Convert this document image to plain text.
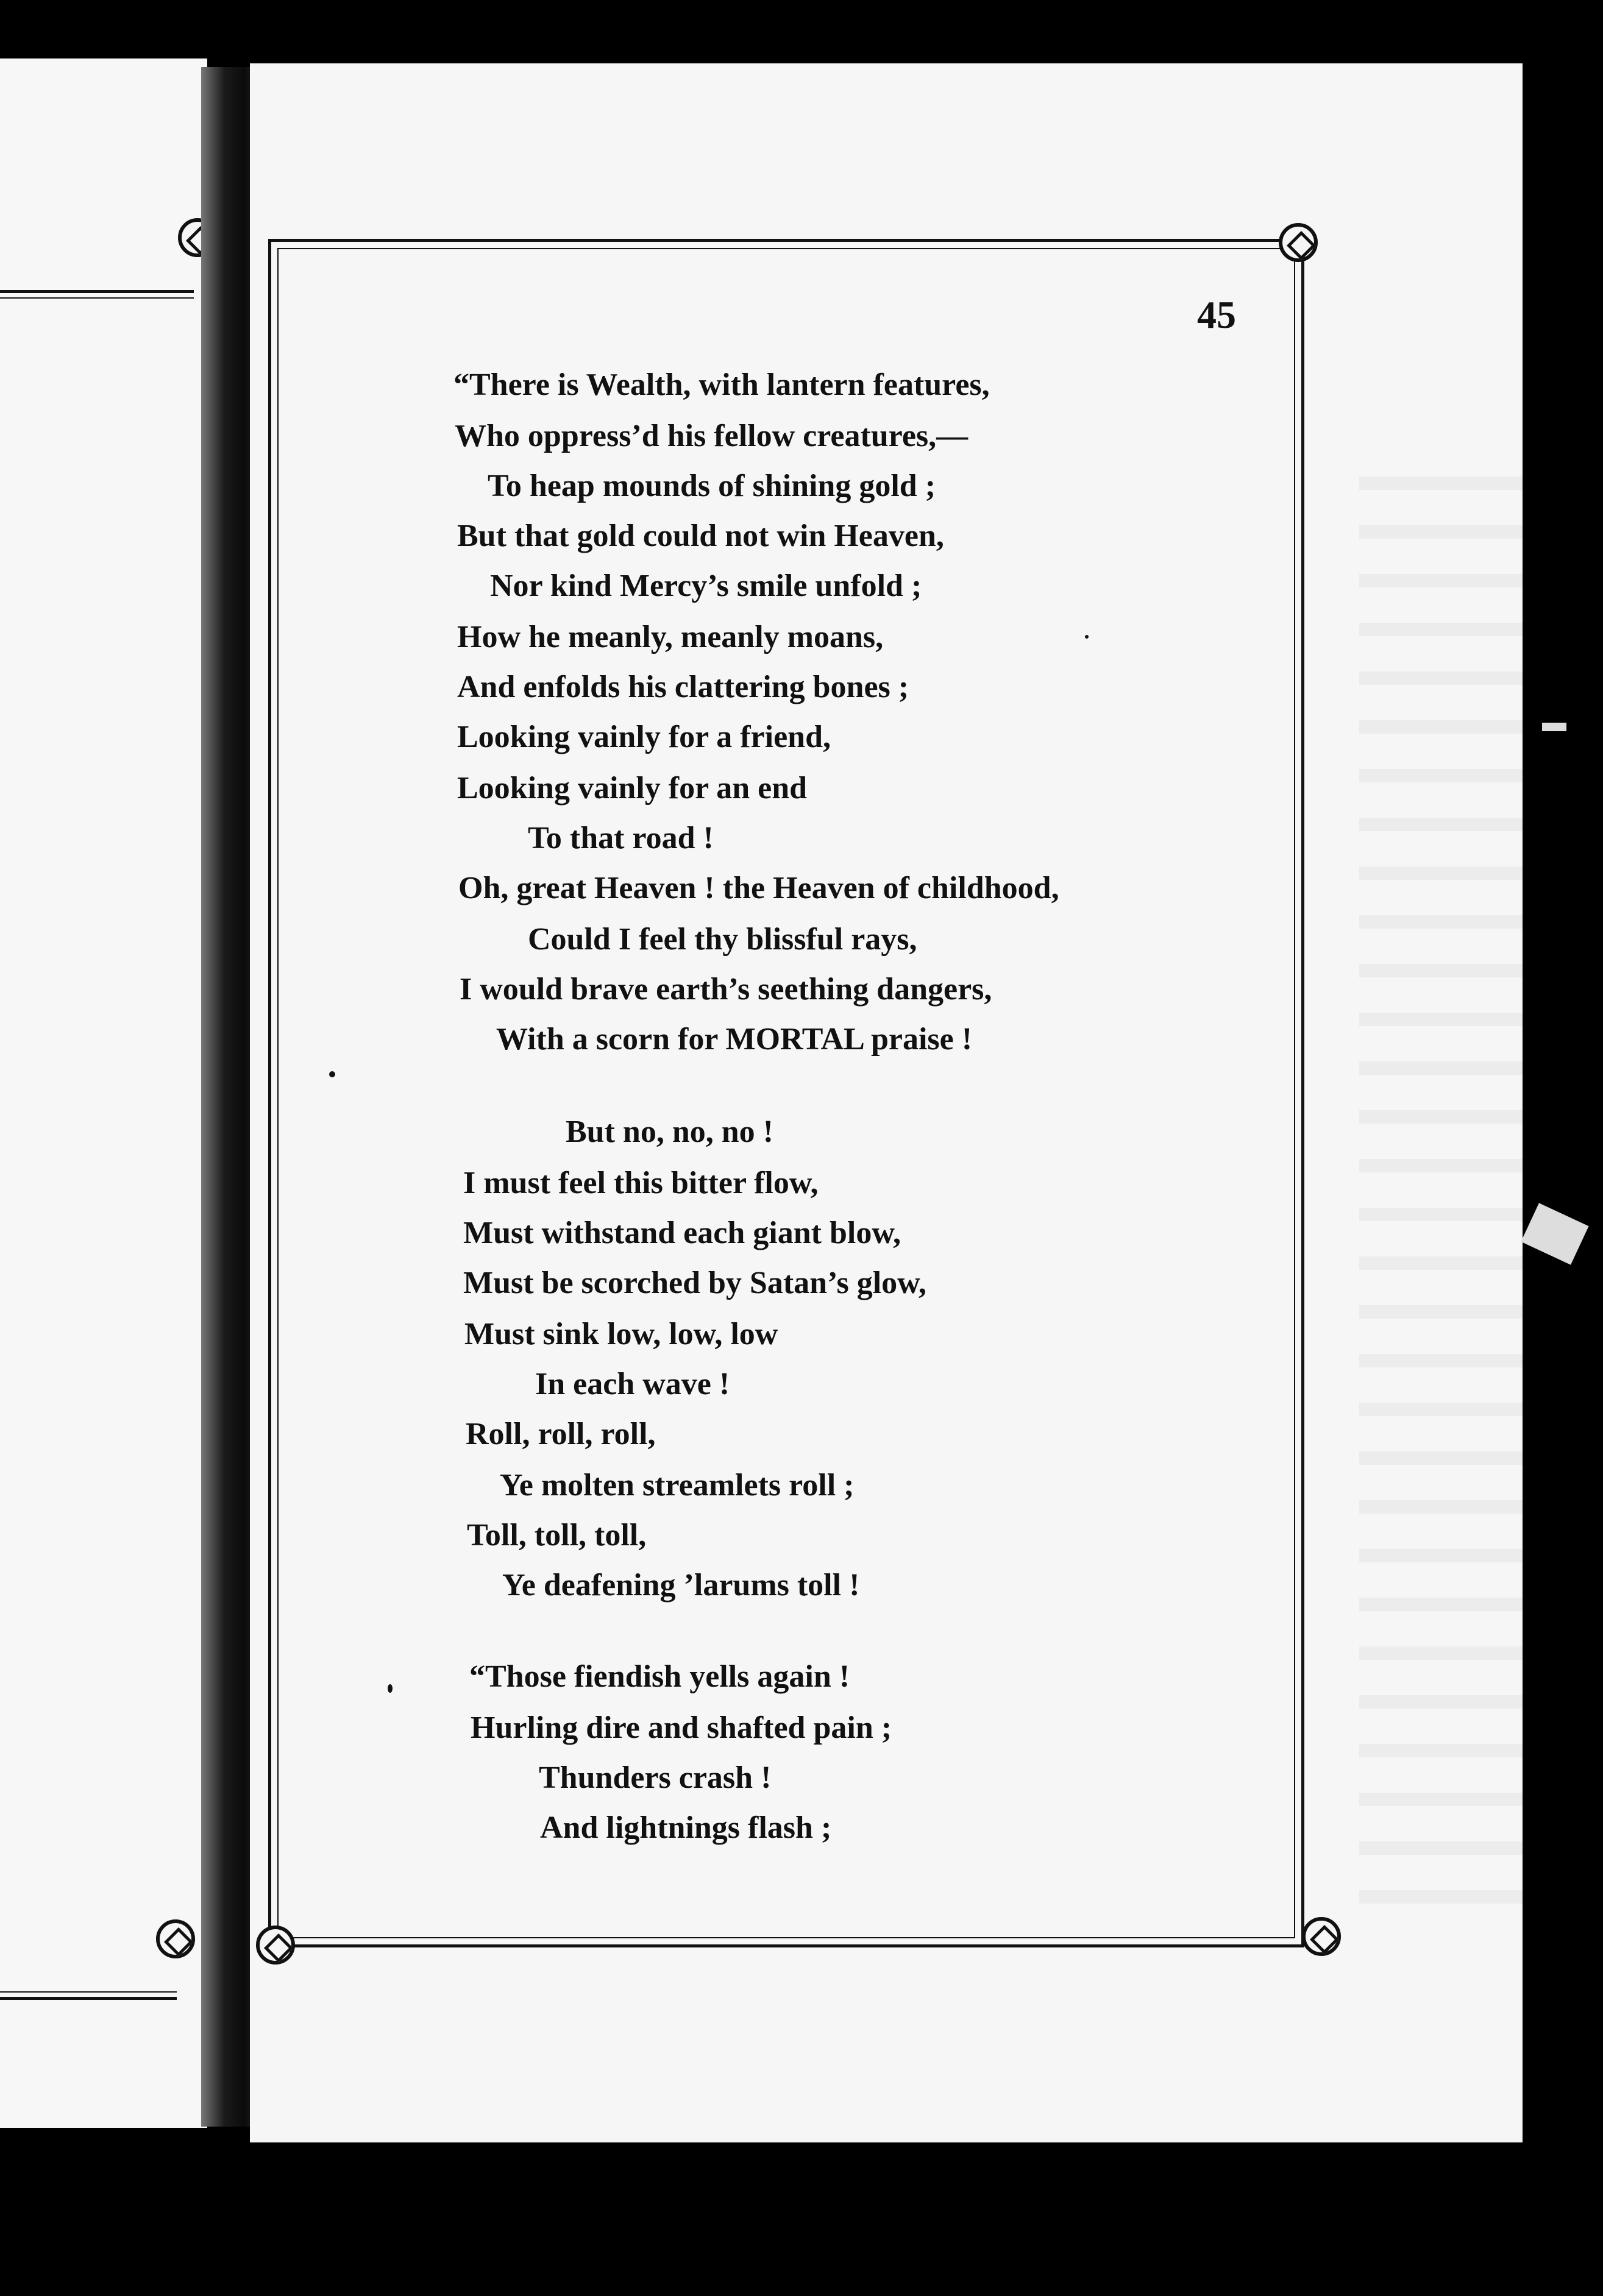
45
“There is Wealth, with lantern features,
Who oppress’d his fellow creatures,—
To heap mounds of shining gold ;
But that gold could not win Heaven,
Nor kind Mercy’s smile unfold ;
How he meanly, meanly moans,
And enfolds his clattering bones ;
Looking vainly for a friend,
Looking vainly for an end
To that road !
Oh, great Heaven ! the Heaven of childhood,
Could I feel thy blissful rays,
I would brave earth’s seething dangers,
With a scorn for MORTAL praise !
But no, no, no !
I must feel this bitter flow,
Must withstand each giant blow,
Must be scorched by Satan’s glow,
Must sink low, low, low
In each wave !
Roll, roll, roll,
Ye molten streamlets roll ;
Toll, toll, toll,
Ye deafening ’larums toll !
“Those fiendish yells again !
Hurling dire and shafted pain ;
Thunders crash !
And lightnings flash ;
